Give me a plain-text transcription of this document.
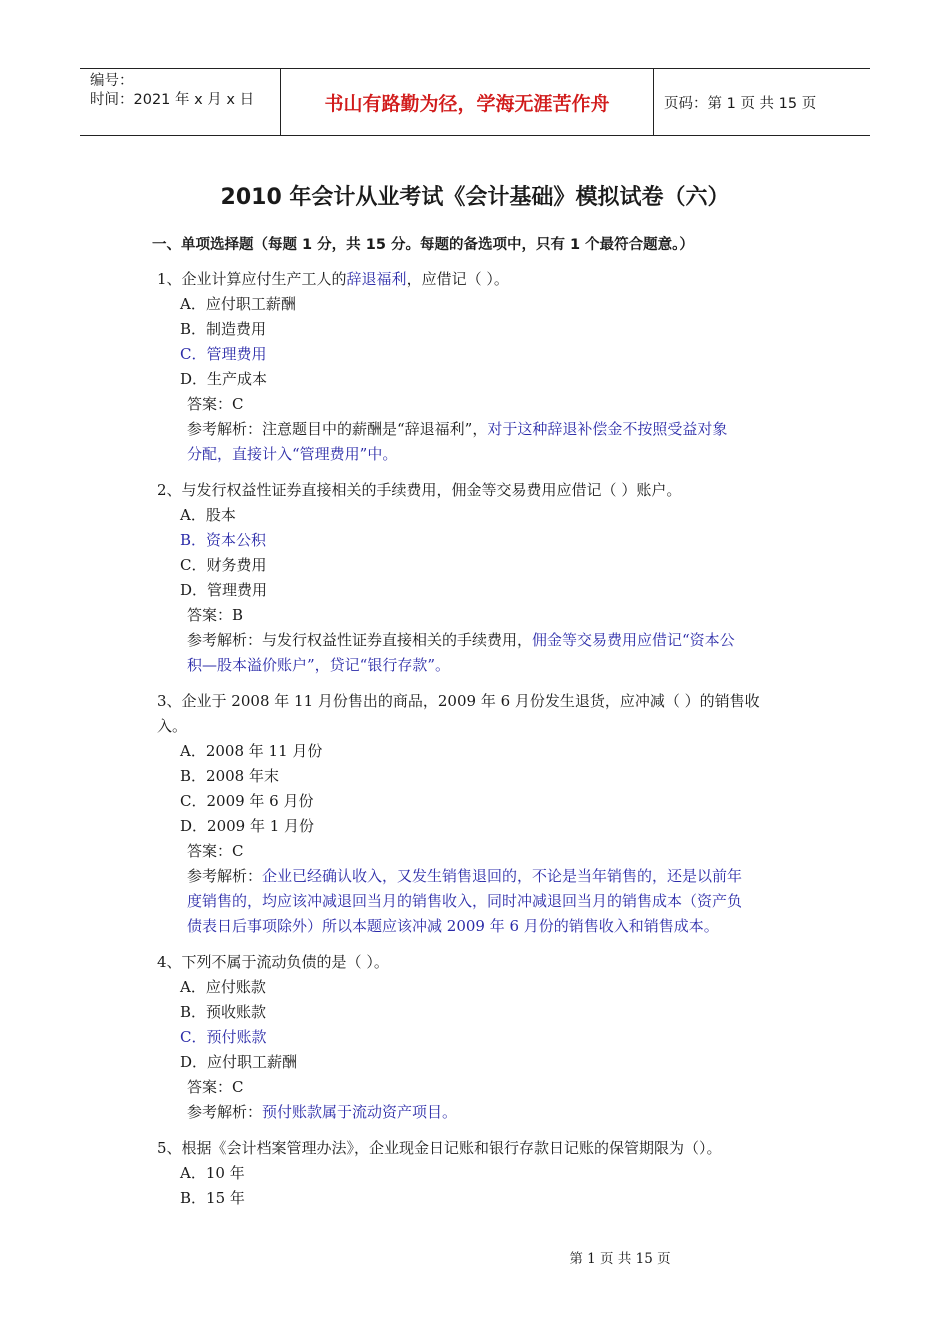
编号：
时间：2021 年 x 月 x 日	书山有路勤为径，学海无涯苦作舟	页码：第 1 页 共 15 页
2010 年会计从业考试《会计基础》模拟试卷（六）
一、单项选择题（每题 1 分，共 15 分。每题的备选项中，只有 1 个最符合题意。）
1、企业计算应付生产工人的辞退福利，应借记（ ）。
A．应付职工薪酬
B．制造费用
C．管理费用
D．生产成本
答案：C
参考解析：注意题目中的薪酬是“辞退福利”，对于这种辞退补偿金不按照受益对象
分配，直接计入“管理费用”中。
2、与发行权益性证券直接相关的手续费用，佣金等交易费用应借记（ ）账户。
A．股本
B．资本公积
C．财务费用
D．管理费用
答案：B
参考解析：与发行权益性证券直接相关的手续费用，佣金等交易费用应借记“资本公
积—股本溢价账户”，贷记“银行存款”。
3、企业于 2008 年 11 月份售出的商品，2009 年 6 月份发生退货，应冲减（ ）的销售收
入。
A．2008 年 11 月份
B．2008 年末
C．2009 年 6 月份
D．2009 年 1 月份
答案：C
参考解析：企业已经确认收入，又发生销售退回的，不论是当年销售的，还是以前年
度销售的，均应该冲减退回当月的销售收入，同时冲减退回当月的销售成本（资产负
债表日后事项除外）所以本题应该冲减 2009 年 6 月份的销售收入和销售成本。
4、下列不属于流动负债的是（ ）。
A．应付账款
B．预收账款
C．预付账款
D．应付职工薪酬
答案：C
参考解析：预付账款属于流动资产项目。
5、根据《会计档案管理办法》，企业现金日记账和银行存款日记账的保管期限为（）。
A．10 年
B．15 年
第 1 页 共 15 页
